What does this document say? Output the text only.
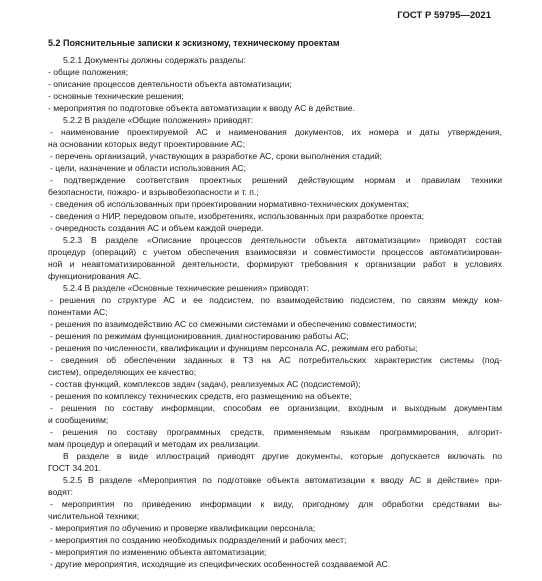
ГОСТ Р 59795—2021
5.2 Пояснительные записки к эскизному, техническому проектам
5.2.1 Документы должны содержать разделы:
- общие положения;
- описание процессов деятельности объекта автоматизации;
- основные технические решения;
- мероприятия по подготовке объекта автоматизации к вводу АС в действие.
5.2.2 В разделе «Общие положения» приводят:
- наименование проектируемой АС и наименования документов, их номера и даты утверждения,
на основании которых ведут проектирование АС;
- перечень организаций, участвующих в разработке АС, сроки выполнения стадий;
- цели, назначение и области использования АС;
- подтверждение соответствия проектных решений действующим нормам и правилам техники
безопасности, пожаро- и взрывобезопасности и т. п.;
- сведения об использованных при проектировании нормативно-технических документах;
- сведения о НИР, передовом опыте, изобретениях, использованных при разработке проекта;
- очередность создания АС и объем каждой очереди.
5.2.3 В разделе «Описание процессов деятельности объекта автоматизации» приводят состав
процедур (операций) с учетом обеспечения взаимосвязи и совместимости процессов автоматизирован-
ной и неавтоматизированной деятельности, формируют требования к организации работ в условиях
функционирования АС.
5.2.4 В разделе «Основные технические решения» приводят:
- решения по структуре АС и ее подсистем, по взаимодействию подсистем, по связям между ком-
понентами АС;
- решения по взаимодействию АС со смежными системами и обеспечению совместимости;
- решения по режимам функционирования, диагностированию работы АС;
- решения по численности, квалификации и функциям персонала АС, режимам его работы;
- сведения об обеспечении заданных в ТЗ на АС потребительских характеристик системы (под-
систем), определяющих ее качество;
- состав функций, комплексов задач (задач), реализуемых АС (подсистемой);
- решения по комплексу технических средств, его размещению на объекте;
- решения по составу информации, способам ее организации, входным и выходным документам
и сообщениям;
- решения по составу программных средств, применяемым языкам программирования, алгорит-
мам процедур и операций и методам их реализации.
В разделе в виде иллюстраций приводят другие документы, которые допускается включать по
ГОСТ 34.201.
5.2.5 В разделе «Мероприятия по подготовке объекта автоматизации к вводу АС в действие» при-
водят:
- мероприятия по приведению информации к виду, пригодному для обработки средствами вы-
числительной техники;
- мероприятия по обучению и проверке квалификации персонала;
- мероприятия по созданию необходимых подразделений и рабочих мест;
- мероприятия по изменению объекта автоматизации;
- другие мероприятия, исходящие из специфических особенностей создаваемой АС.
